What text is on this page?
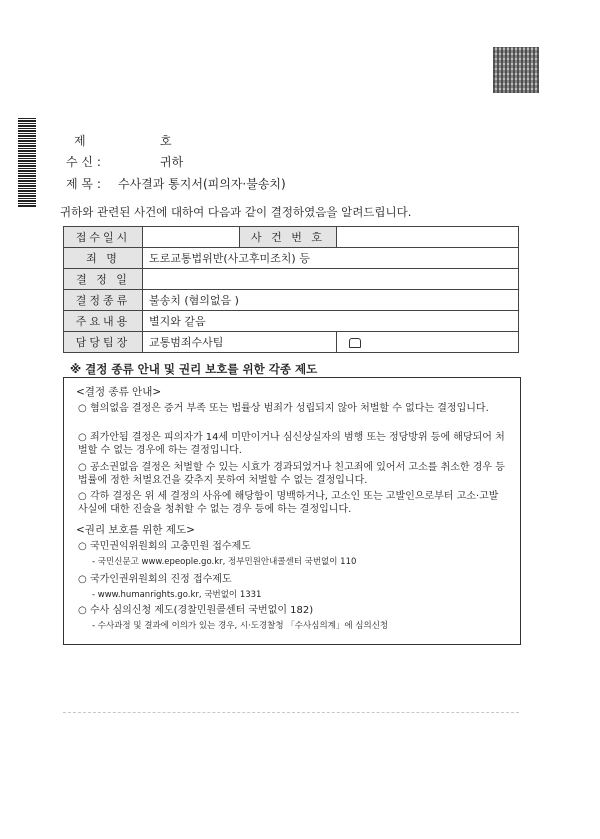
제	호
수 신 :	귀하
제 목 : 수사결과 통지서(피의자·불송치)
귀하와 관련된 사건에 대하여 다음과 같이 결정하였음을 알려드립니다.
접수일시		사 건 번 호	
죄 명	도로교통법위반(사고후미조치) 등		
결 정 일			
결정종류	불송치 (혐의없음 )		
주요내용	별지와 같음		
담당팀장	교통범죄수사팀		
※ 결정 종류 안내 및 권리 보호를 위한 각종 제도
<결정 종류 안내>
○ 혐의없음 결정은 증거 부족 또는 법률상 범죄가 성립되지 않아 처벌할 수 없다는 결정입니다.
○ 죄가안됨 결정은 피의자가 14세 미만이거나 심신상실자의 범행 또는 정당방위 등에 해당되어 처벌할 수 없는 경우에 하는 결정입니다.
○ 공소권없음 결정은 처벌할 수 있는 시효가 경과되었거나 친고죄에 있어서 고소를 취소한 경우 등 법률에 정한 처벌요건을 갖추지 못하여 처벌할 수 없는 결정입니다.
○ 각하 결정은 위 세 결정의 사유에 해당함이 명백하거나, 고소인 또는 고발인으로부터 고소·고발 사실에 대한 진술을 청취할 수 없는 경우 등에 하는 결정입니다.
<권리 보호를 위한 제도>
○ 국민권익위원회의 고충민원 접수제도
- 국민신문고 www.epeople.go.kr, 정부민원안내콜센터 국번없이 110
○ 국가인권위원회의 진정 접수제도
- www.humanrights.go.kr, 국번없이 1331
○ 수사 심의신청 제도(경찰민원콜센터 국번없이 182)
- 수사과정 및 결과에 이의가 있는 경우, 시·도경찰청 「수사심의계」에 심의신청
